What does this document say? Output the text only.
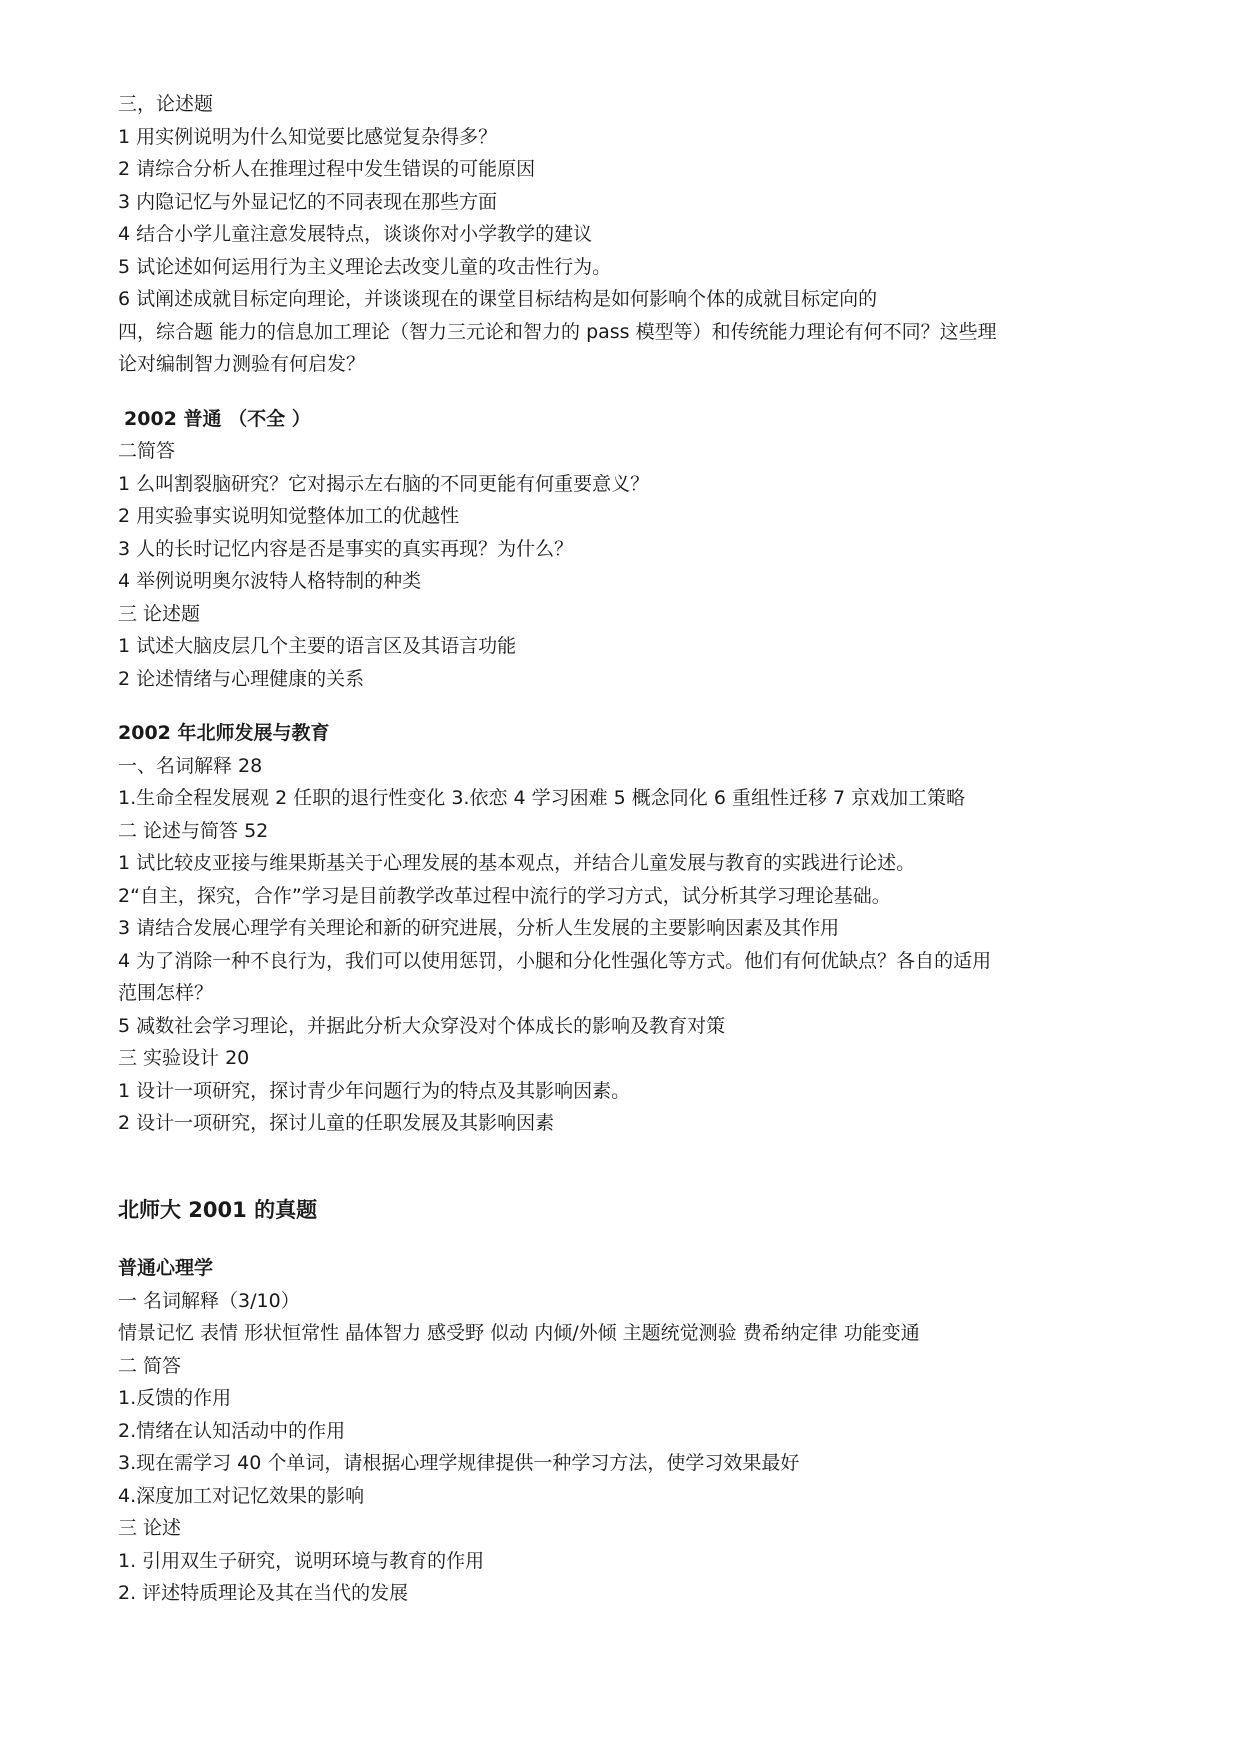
三，论述题
1 用实例说明为什么知觉要比感觉复杂得多？
2 请综合分析人在推理过程中发生错误的可能原因
3 内隐记忆与外显记忆的不同表现在那些方面
4 结合小学儿童注意发展特点，谈谈你对小学教学的建议
5 试论述如何运用行为主义理论去改变儿童的攻击性行为。
6 试阐述成就目标定向理论，并谈谈现在的课堂目标结构是如何影响个体的成就目标定向的
四，综合题 能力的信息加工理论（智力三元论和智力的 pass 模型等）和传统能力理论有何不同？这些理
论对编制智力测验有何启发？
2002 普通 （不全 ）
二简答
1 么叫割裂脑研究？它对揭示左右脑的不同更能有何重要意义？
2 用实验事实说明知觉整体加工的优越性
3 人的长时记忆内容是否是事实的真实再现？为什么？
4 举例说明奥尔波特人格特制的种类
三 论述题
1 试述大脑皮层几个主要的语言区及其语言功能
2 论述情绪与心理健康的关系
2002 年北师发展与教育
一、名词解释 28
1.生命全程发展观 2 任职的退行性变化 3.依恋 4 学习困难 5 概念同化 6 重组性迁移 7 京戏加工策略
二 论述与简答 52
1 试比较皮亚接与维果斯基关于心理发展的基本观点，并结合儿童发展与教育的实践进行论述。
2“自主，探究，合作”学习是目前教学改革过程中流行的学习方式，试分析其学习理论基础。
3 请结合发展心理学有关理论和新的研究进展，分析人生发展的主要影响因素及其作用
4 为了消除一种不良行为，我们可以使用惩罚，小腿和分化性强化等方式。他们有何优缺点？各自的适用
范围怎样？
5 减数社会学习理论，并据此分析大众穿没对个体成长的影响及教育对策
三 实验设计 20
1 设计一项研究，探讨青少年问题行为的特点及其影响因素。
2 设计一项研究，探讨儿童的任职发展及其影响因素
北师大 2001 的真题
普通心理学
一 名词解释（3/10）
情景记忆 表情 形状恒常性 晶体智力 感受野 似动 内倾/外倾 主题统觉测验 费希纳定律 功能变通
二 简答
1.反馈的作用
2.情绪在认知活动中的作用
3.现在需学习 40 个单词，请根据心理学规律提供一种学习方法，使学习效果最好
4.深度加工对记忆效果的影响
三 论述
1. 引用双生子研究，说明环境与教育的作用
2. 评述特质理论及其在当代的发展
